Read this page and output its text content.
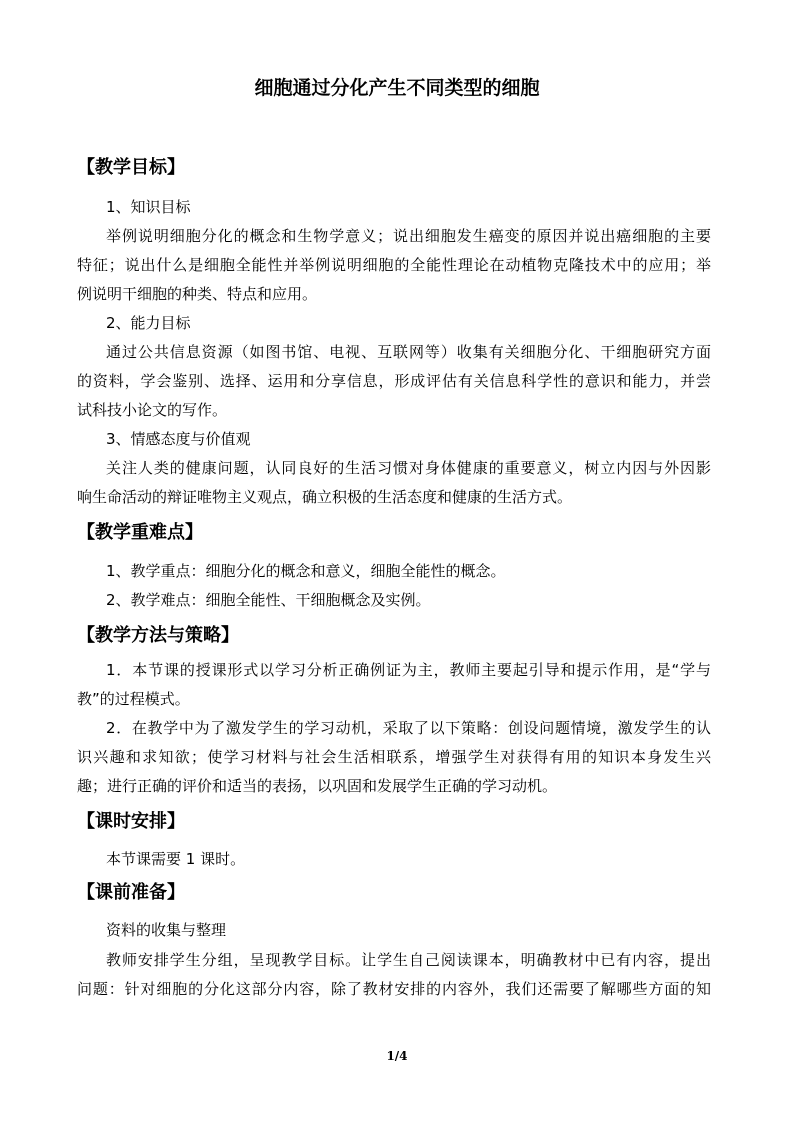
细胞通过分化产生不同类型的细胞
【教学目标】
1、知识目标
举例说明细胞分化的概念和生物学意义；说出细胞发生癌变的原因并说出癌细胞的主要
特征；说出什么是细胞全能性并举例说明细胞的全能性理论在动植物克隆技术中的应用；举
例说明干细胞的种类、特点和应用。
2、能力目标
通过公共信息资源（如图书馆、电视、互联网等）收集有关细胞分化、干细胞研究方面
的资料，学会鉴别、选择、运用和分享信息，形成评估有关信息科学性的意识和能力，并尝
试科技小论文的写作。
3、情感态度与价值观
关注人类的健康问题，认同良好的生活习惯对身体健康的重要意义，树立内因与外因影
响生命活动的辩证唯物主义观点，确立积极的生活态度和健康的生活方式。
【教学重难点】
1、教学重点：细胞分化的概念和意义，细胞全能性的概念。
2、教学难点：细胞全能性、干细胞概念及实例。
【教学方法与策略】
1．本节课的授课形式以学习分析正确例证为主，教师主要起引导和提示作用，是“学与
教”的过程模式。
2．在教学中为了激发学生的学习动机，采取了以下策略：创设问题情境，激发学生的认
识兴趣和求知欲；使学习材料与社会生活相联系，增强学生对获得有用的知识本身发生兴
趣；进行正确的评价和适当的表扬，以巩固和发展学生正确的学习动机。
【课时安排】
本节课需要 1 课时。
【课前准备】
资料的收集与整理
教师安排学生分组，呈现教学目标。让学生自己阅读课本，明确教材中已有内容，提出
问题：针对细胞的分化这部分内容，除了教材安排的内容外，我们还需要了解哪些方面的知
1/4
